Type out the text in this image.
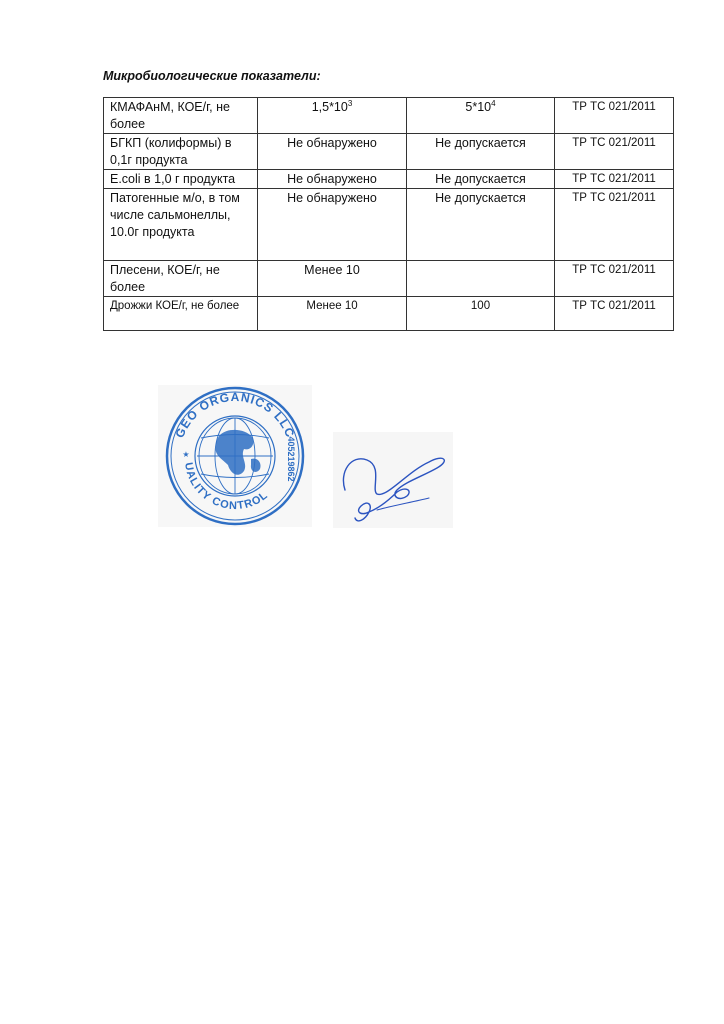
Микробиологические показатели:
КМАФАнМ, КОЕ/г, не более	$1,5*10^3$	$5*10^4$	ТР ТС 021/2011
БГКП (колиформы) в 0,1г продукта	Не обнаружено	Не допускается	ТР ТС 021/2011
E.coli в 1,0 г продукта	Не обнаружено	Не допускается	ТР ТС 021/2011
Патогенные м/о, в том числе сальмонеллы, 10.0г продукта	Не обнаружено	Не допускается	ТР ТС 021/2011
Плесени, КОЕ/г, не более	Менее 10		ТР ТС 021/2011
Дрожжи КОЕ/г, не более	Менее 10	100	ТР ТС 021/2011
GEO ORGANICS LLC
UALITY CONTROL
405219862
★
